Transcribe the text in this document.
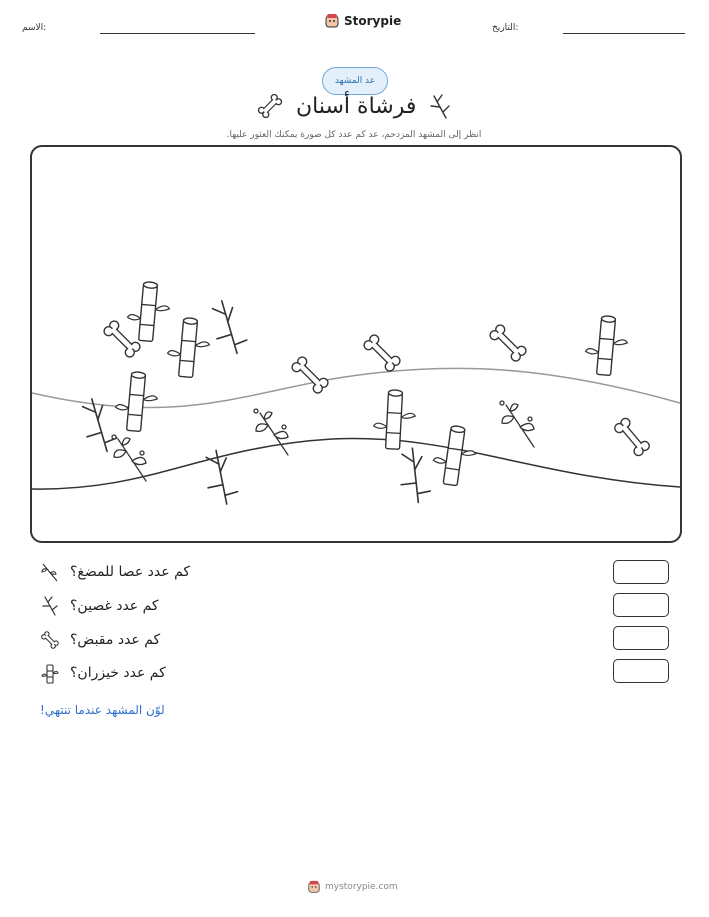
الاسم:	Storypie	التاريخ:
عد المشهد
فرشاة أسنان
انظر إلى المشهد المزدحم، عد كم عدد كل صورة يمكنك العثور عليها.
كم عدد عصا للمضغ؟
كم عدد غصين؟
كم عدد مقبض؟
كم عدد خيزران؟
لوّن المشهد عندما تنتهي!
mystorypie.com
